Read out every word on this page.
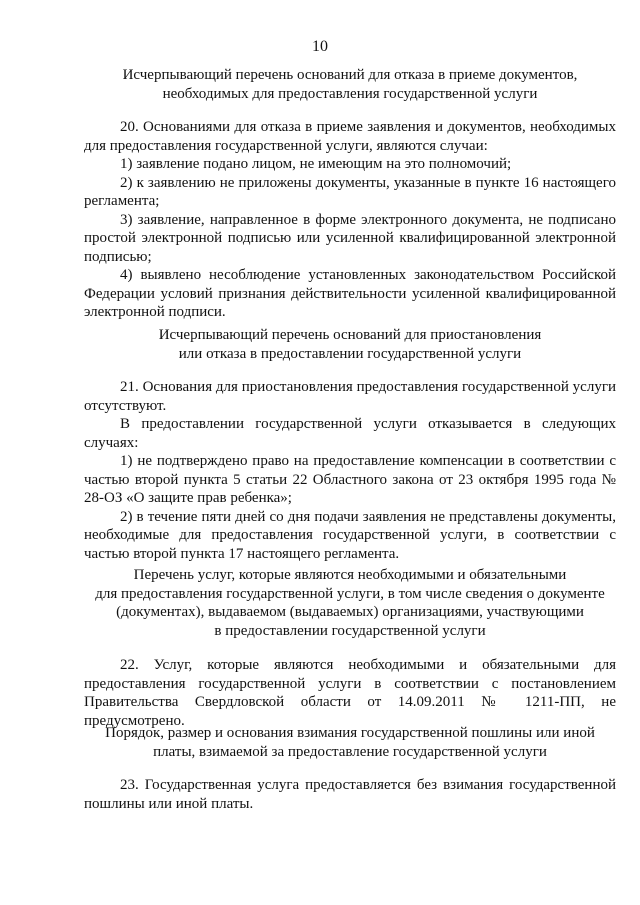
10
Исчерпывающий перечень оснований для отказа в приеме документов,
необходимых для предоставления государственной услуги

20. Основаниями для отказа в приеме заявления и документов, необходимых для предоставления государственной услуги, являются случаи:

1) заявление подано лицом, не имеющим на это полномочий;

2) к заявлению не приложены документы, указанные в пункте 16 настоящего регламента;

3) заявление, направленное в форме электронного документа, не подписано простой электронной подписью или усиленной квалифицированной электронной подписью;

4) выявлено несоблюдение установленных законодательством Российской Федерации условий признания действительности усиленной квалифицированной электронной подписи.

Исчерпывающий перечень оснований для приостановления
или отказа в предоставлении государственной услуги

21. Основания для приостановления предоставления государственной услуги отсутствуют.

В предоставлении государственной услуги отказывается в следующих случаях:

1) не подтверждено право на предоставление компенсации в соответствии с частью второй пункта 5 статьи 22 Областного закона от 23 октября 1995 года № 28-ОЗ «О защите прав ребенка»;

2) в течение пяти дней со дня подачи заявления не представлены документы, необходимые для предоставления государственной услуги, в соответствии с частью второй пункта 17 настоящего регламента.

Перечень услуг, которые являются необходимыми и обязательными
для предоставления государственной услуги, в том числе сведения о документе
(документах), выдаваемом (выдаваемых) организациями, участвующими
в предоставлении государственной услуги

22. Услуг, которые являются необходимыми и обязательными для предоставления государственной услуги в соответствии с постановлением Правительства Свердловской области от 14.09.2011 № 1211-ПП, не предусмотрено.

Порядок, размер и основания взимания государственной пошлины или иной
платы, взимаемой за предоставление государственной услуги

23. Государственная услуга предоставляется без взимания государственной пошлины или иной платы.
